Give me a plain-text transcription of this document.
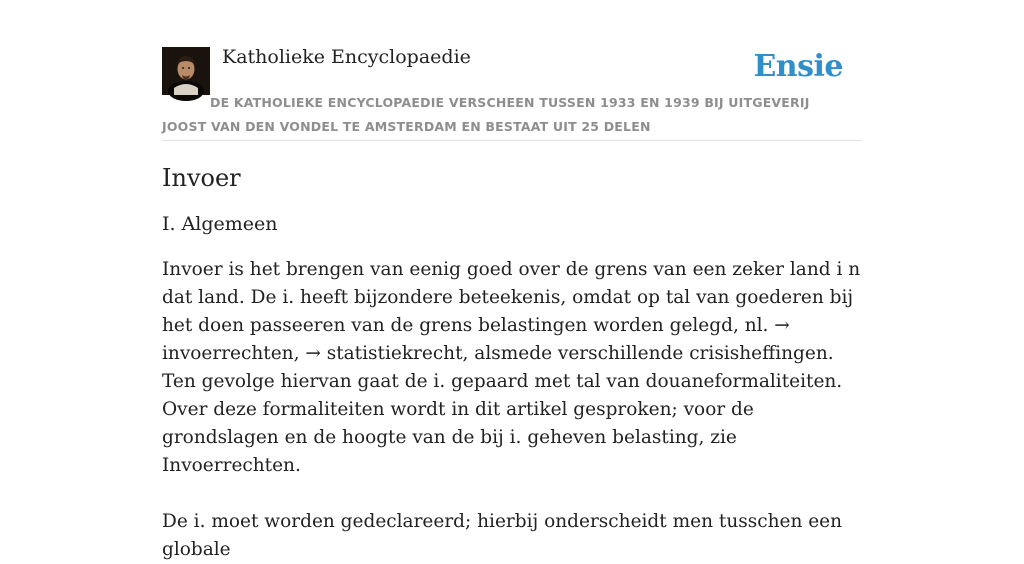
Katholieke Encyclopaedie	Ensie
DE KATHOLIEKE ENCYCLOPAEDIE VERSCHEEN TUSSEN 1933 EN 1939 BIJ UITGEVERIJ JOOST VAN DEN VONDEL TE AMSTERDAM EN BESTAAT UIT 25 DELEN
Invoer
I. Algemeen

Invoer is het brengen van eenig goed over de grens van een zeker land i n dat land. De i. heeft bijzondere beteekenis, omdat op tal van goederen bij het doen passeeren van de grens belastingen worden gelegd, nl. → invoerrechten, → statistiekrecht, alsmede verschillende crisisheffingen. Ten gevolge hiervan gaat de i. gepaard met tal van douaneformaliteiten. Over deze formaliteiten wordt in dit artikel gesproken; voor de grondslagen en de hoogte van de bij i. geheven belasting, zie Invoerrechten.

De i. moet worden gedeclareerd; hierbij onderscheidt men tusschen een globale
